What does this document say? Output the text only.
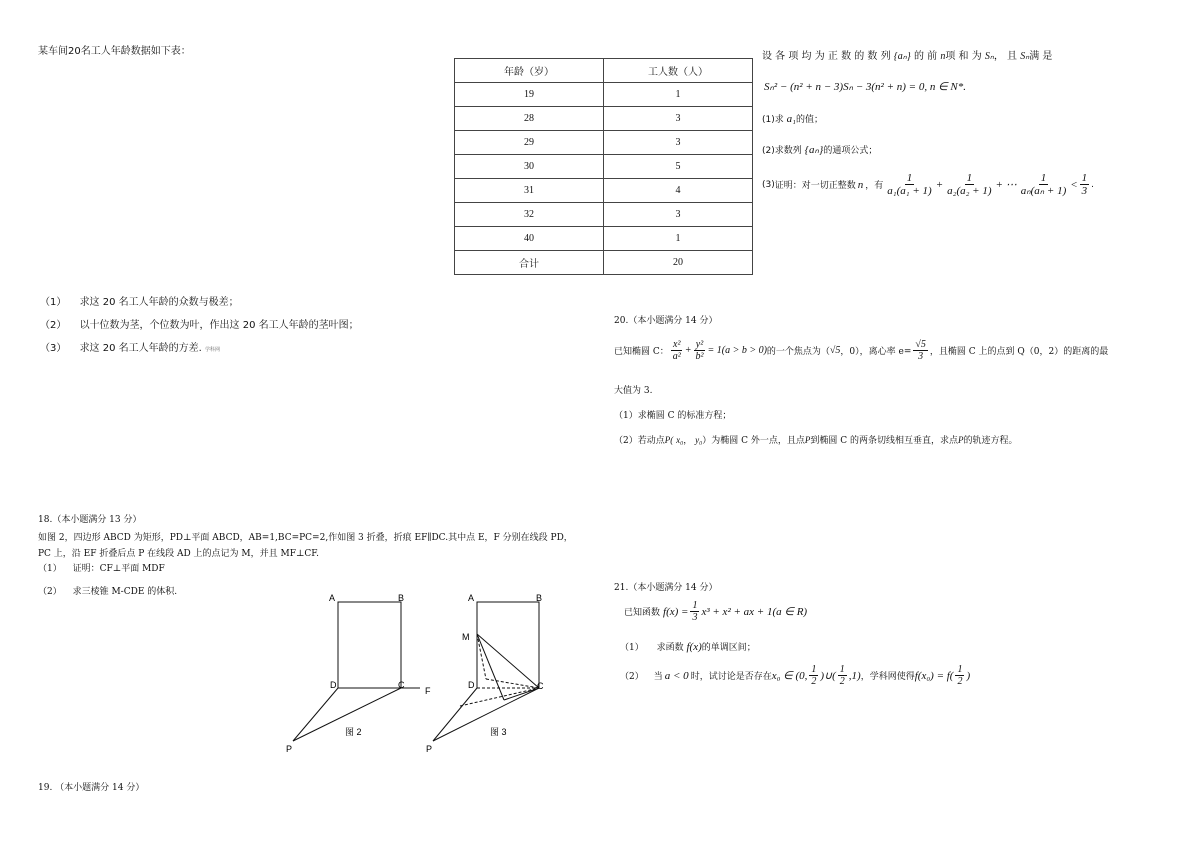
某车间20名工人年龄数据如下表：
年龄（岁）	工人数（人）
19	1
28	3
29	3
30	5
31	4
32	3
40	1
合计	20
（1） 求这 20 名工人年龄的众数与极差；
（2） 以十位数为茎，个位数为叶，作出这 20 名工人年龄的茎叶图；
（3） 求这 20 名工人年龄的方差. 学科网
18.（本小题满分 13 分）
如图 2，四边形 ABCD 为矩形，PD⊥平面 ABCD，AB=1,BC=PC=2,作如图 3 折叠，折痕 EF∥DC.其中点 E，F 分别在线段 PD，
PC 上，沿 EF 折叠后点 P 在线段 AD 上的点记为 M，并且 MF⊥CF.
（1） 证明：CF⊥平面 MDF
（2） 求三棱锥 M-CDE 的体积.
A	B
D	C
F
P
图 2
A	B
M
D	C
P
图 3
19. （本小题满分 14 分）
设 各 项 均 为 正 数 的 数 列 {aₙ} 的 前 n项 和 为 Sₙ， 且 Sₙ满 是
Sₙ² − (n² + n − 3)Sₙ − 3(n² + n) = 0, n ∈ N*.
(1)求 a₁的值；
(2)求数列 {aₙ}的通项公式；
(3) 证明：对一切正整数 n ，有 $\frac{1}{\text{a₁(a₁ + 1)}} + \frac{1}{\text{a₂(a₂ + 1)}}$ + ⋯ $\frac{1}{\text{aₙ(aₙ + 1)}} < \frac{1}{3}$ .
20.（本小题满分 14 分）
已知椭圆 C： $\frac{\text{x²}}{\text{a²}} + \frac{\text{y²}}{\text{b²}} = 1(a > b > 0)$ 的一个焦点为（ √5 ，0），离心率 $e= \frac{√5}{3}$ ，且椭圆 C 上的点到 Q（0，2）的距离的最
大值为 3.
（1）求椭圆 C 的标准方程；
（2）若动点P( x₀， y₀）为椭圆 C 外一点，且点P到椭圆 C 的两条切线相互垂直，求点P的轨迹方程。
21.（本小题满分 14 分）
已知函数 $f(x) = \frac{1}{3} x^3 + x^2$ + ax + 1(a ∈ R)
（1） 求函数 f(x)的单调区间；
（2） 当 a < 0 时，试讨论是否存在 x₀ ∈ (0, $\frac{1}{2}$ )∪( $\frac{1}{2} ,1$) ，学科网使得 $f(x_0) = f( \frac{1}{2}$ )
